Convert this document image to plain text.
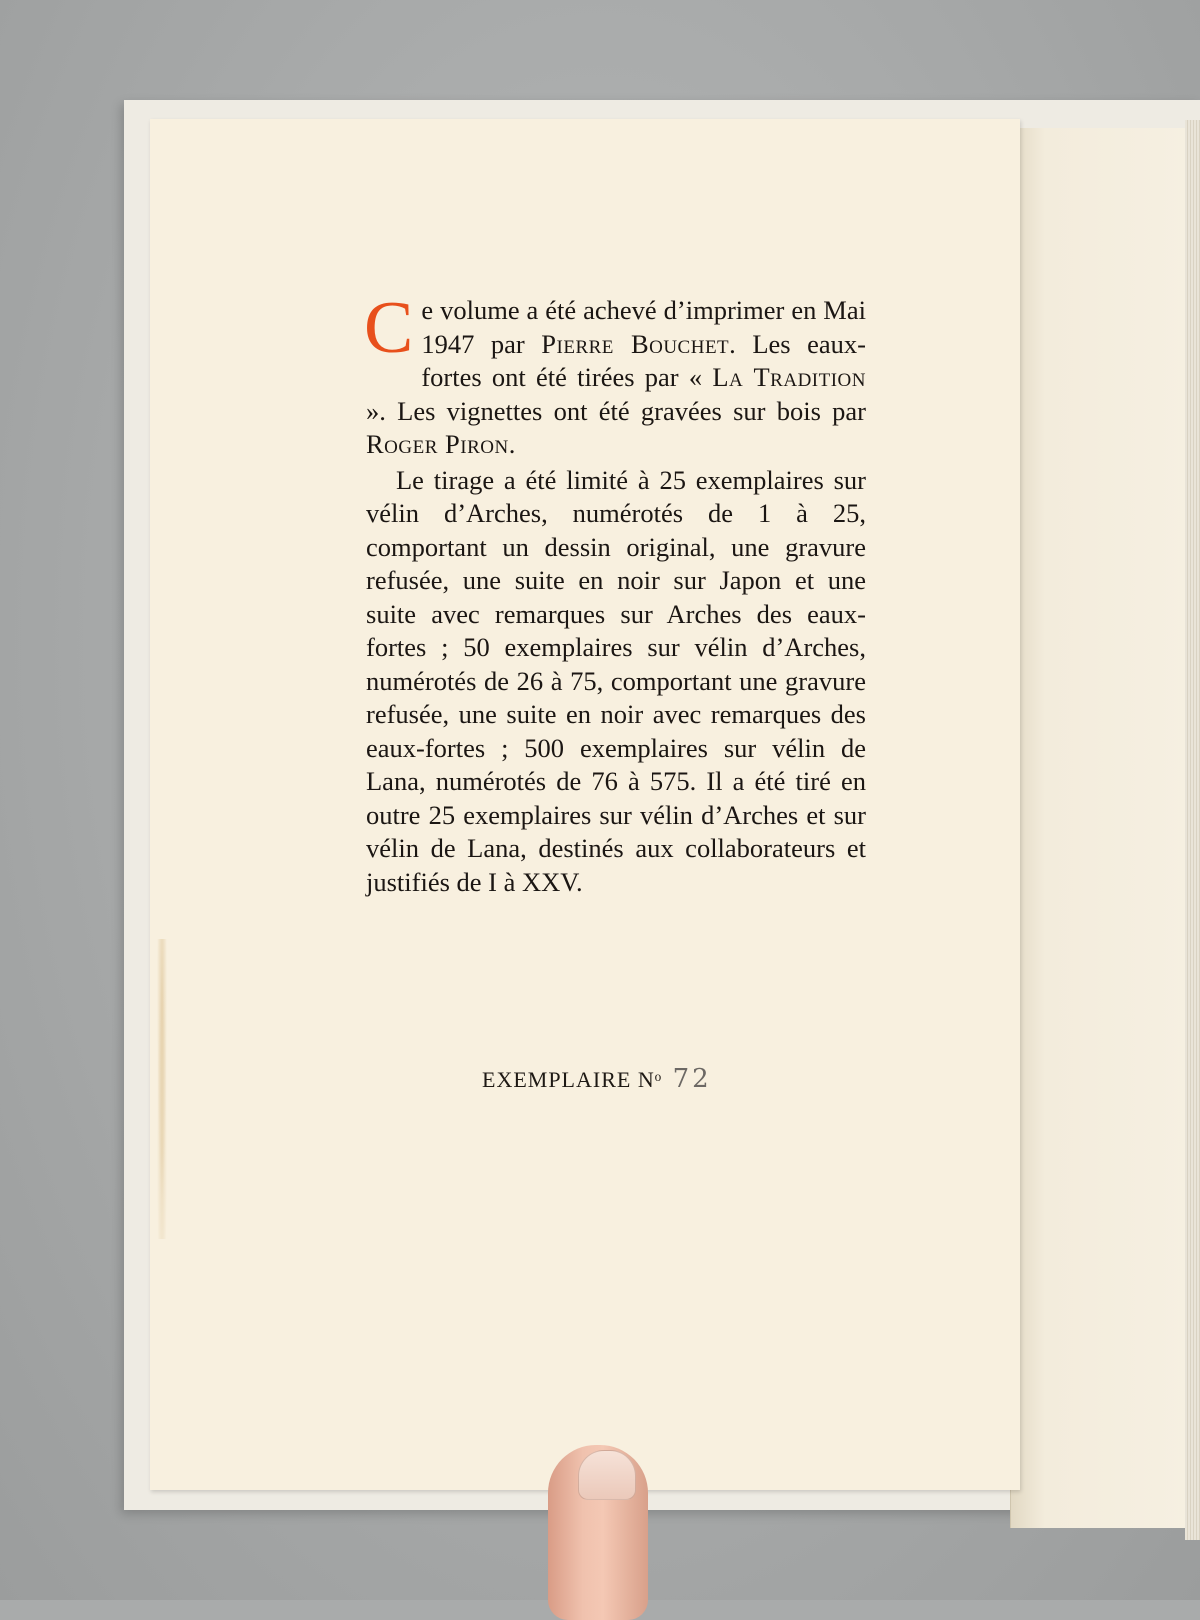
Ce volume a été achevé d’imprimer en Mai 1947 par Pierre Bouchet. Les eaux-fortes ont été tirées par « La Tradition ». Les vignettes ont été gravées sur bois par Roger Piron.

Le tirage a été limité à 25 exemplaires sur vélin d’Arches, numérotés de 1 à 25, comportant un dessin original, une gravure refusée, une suite en noir sur Japon et une suite avec remarques sur Arches des eaux-fortes ; 50 exemplaires sur vélin d’Arches, numérotés de 26 à 75, comportant une gravure refusée, une suite en noir avec remarques des eaux-fortes ; 500 exemplaires sur vélin de Lana, numérotés de 76 à 575. Il a été tiré en outre 25 exemplaires sur vélin d’Arches et sur vélin de Lana, destinés aux collaborateurs et justifiés de I à XXV.

EXEMPLAIRE Nᵒ 72
